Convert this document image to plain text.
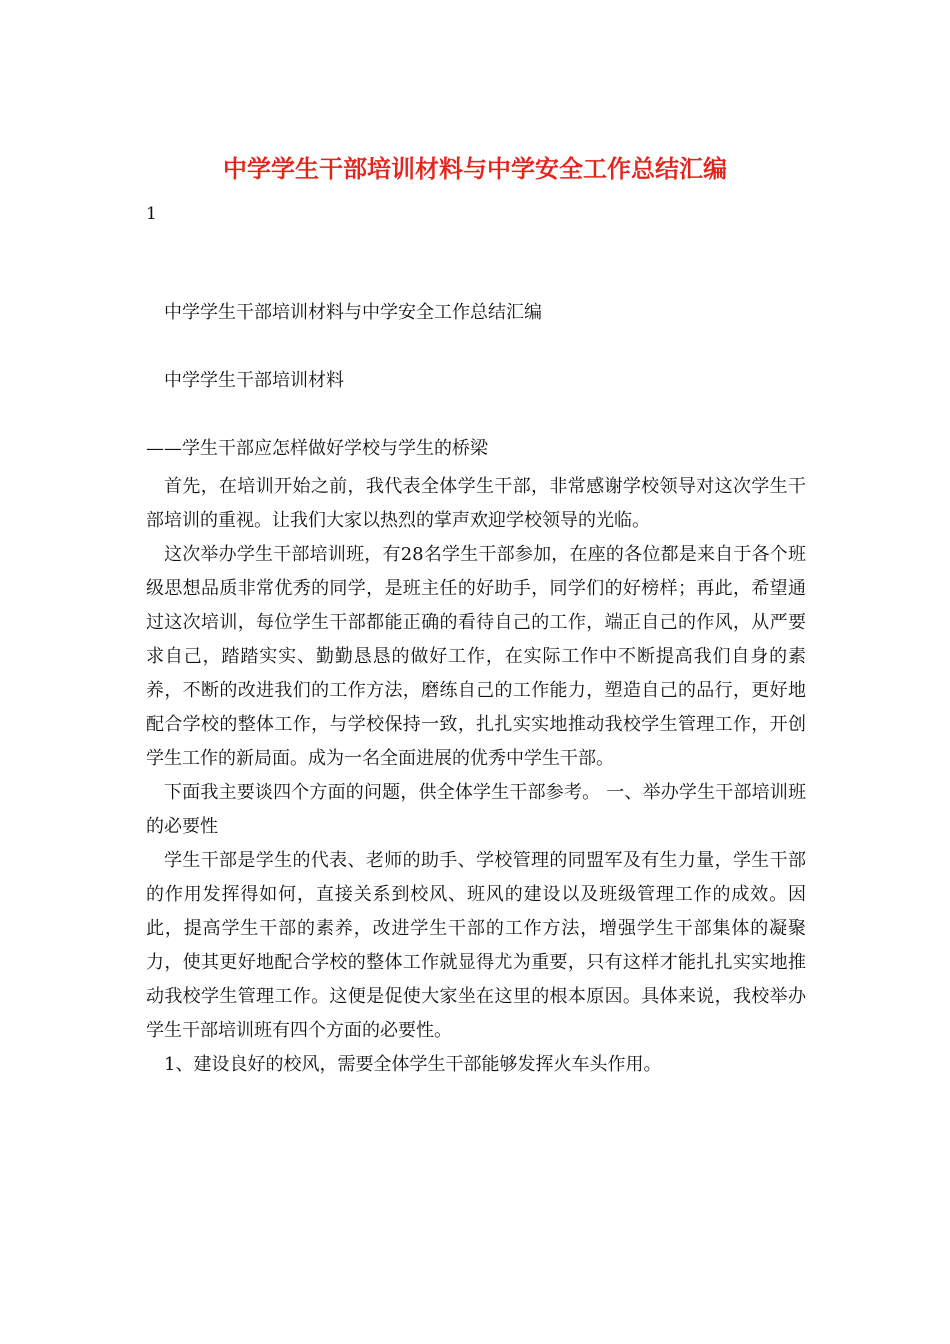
中学学生干部培训材料与中学安全工作总结汇编
1
中学学生干部培训材料与中学安全工作总结汇编
中学学生干部培训材料
——学生干部应怎样做好学校与学生的桥梁

首先，在培训开始之前，我代表全体学生干部，非常感谢学校领导对这次学生干部培训的重视。让我们大家以热烈的掌声欢迎学校领导的光临。

这次举办学生干部培训班，有28名学生干部参加，在座的各位都是来自于各个班级思想品质非常优秀的同学，是班主任的好助手，同学们的好榜样；再此，希望通过这次培训，每位学生干部都能正确的看待自己的工作，端正自己的作风，从严要求自己，踏踏实实、勤勤恳恳的做好工作，在实际工作中不断提高我们自身的素养，不断的改进我们的工作方法，磨练自己的工作能力，塑造自己的品行，更好地配合学校的整体工作，与学校保持一致，扎扎实实地推动我校学生管理工作，开创学生工作的新局面。成为一名全面进展的优秀中学生干部。

下面我主要谈四个方面的问题，供全体学生干部参考。 一、举办学生干部培训班的必要性

学生干部是学生的代表、老师的助手、学校管理的同盟军及有生力量，学生干部的作用发挥得如何，直接关系到校风、班风的建设以及班级管理工作的成效。因此，提高学生干部的素养，改进学生干部的工作方法，增强学生干部集体的凝聚力，使其更好地配合学校的整体工作就显得尤为重要，只有这样才能扎扎实实地推动我校学生管理工作。这便是促使大家坐在这里的根本原因。具体来说，我校举办学生干部培训班有四个方面的必要性。

1、建设良好的校风，需要全体学生干部能够发挥火车头作用。
